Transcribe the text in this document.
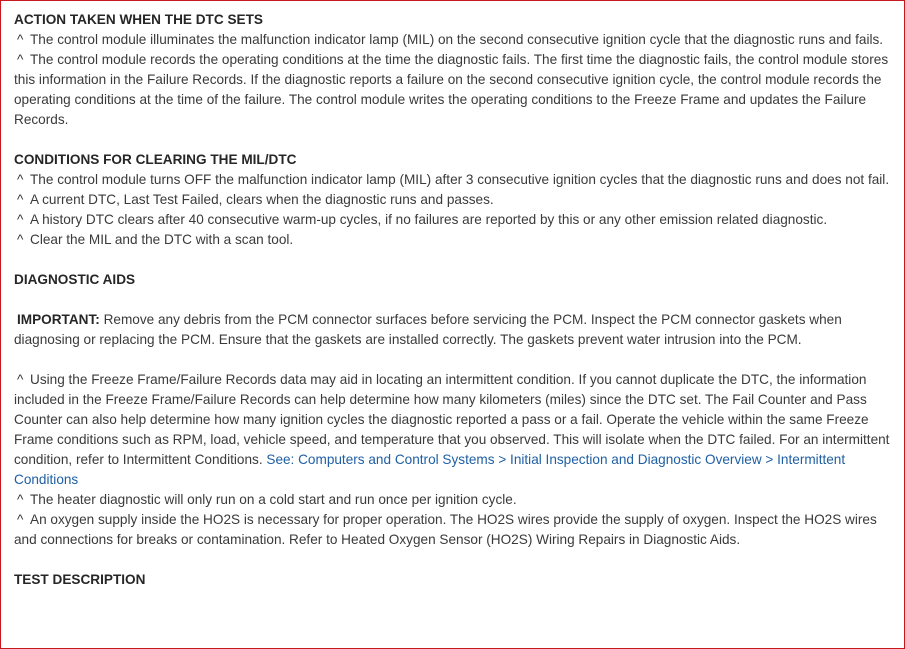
ACTION TAKEN WHEN THE DTC SETS

^ The control module illuminates the malfunction indicator lamp (MIL) on the second consecutive ignition cycle that the diagnostic runs and fails.

^ The control module records the operating conditions at the time the diagnostic fails. The first time the diagnostic fails, the control module stores this information in the Failure Records. If the diagnostic reports a failure on the second consecutive ignition cycle, the control module records the operating conditions at the time of the failure. The control module writes the operating conditions to the Freeze Frame and updates the Failure Records.

CONDITIONS FOR CLEARING THE MIL/DTC

^ The control module turns OFF the malfunction indicator lamp (MIL) after 3 consecutive ignition cycles that the diagnostic runs and does not fail.

^ A current DTC, Last Test Failed, clears when the diagnostic runs and passes.

^ A history DTC clears after 40 consecutive warm-up cycles, if no failures are reported by this or any other emission related diagnostic.

^ Clear the MIL and the DTC with a scan tool.

DIAGNOSTIC AIDS

IMPORTANT: Remove any debris from the PCM connector surfaces before servicing the PCM. Inspect the PCM connector gaskets when diagnosing or replacing the PCM. Ensure that the gaskets are installed correctly. The gaskets prevent water intrusion into the PCM.

^ Using the Freeze Frame/Failure Records data may aid in locating an intermittent condition. If you cannot duplicate the DTC, the information included in the Freeze Frame/Failure Records can help determine how many kilometers (miles) since the DTC set. The Fail Counter and Pass Counter can also help determine how many ignition cycles the diagnostic reported a pass or a fail. Operate the vehicle within the same Freeze Frame conditions such as RPM, load, vehicle speed, and temperature that you observed. This will isolate when the DTC failed. For an intermittent condition, refer to Intermittent Conditions. See: Computers and Control Systems > Initial Inspection and Diagnostic Overview > Intermittent Conditions

^ The heater diagnostic will only run on a cold start and run once per ignition cycle.

^ An oxygen supply inside the HO2S is necessary for proper operation. The HO2S wires provide the supply of oxygen. Inspect the HO2S wires and connections for breaks or contamination. Refer to Heated Oxygen Sensor (HO2S) Wiring Repairs in Diagnostic Aids.

TEST DESCRIPTION
